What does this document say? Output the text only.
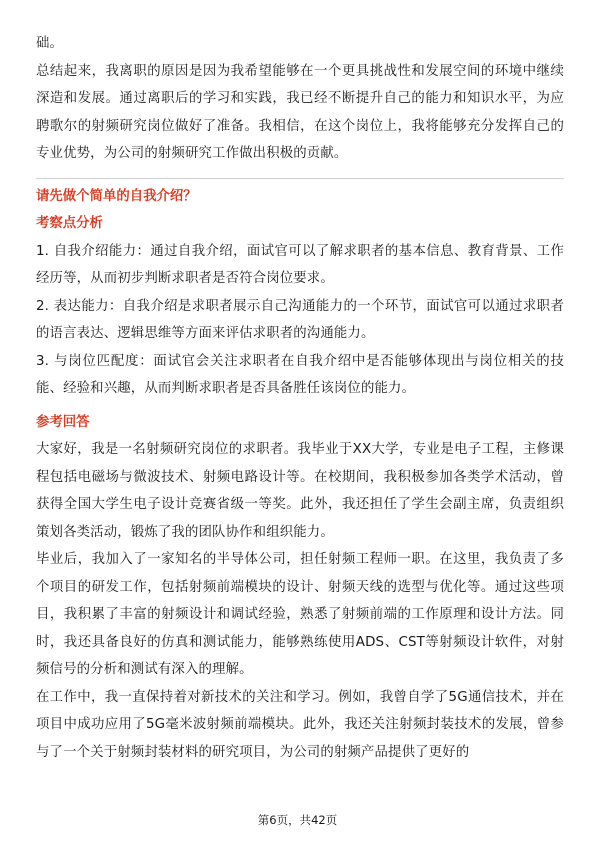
础。

总结起来，我离职的原因是因为我希望能够在一个更具挑战性和发展空间的环境中继续深造和发展。通过离职后的学习和实践，我已经不断提升自己的能力和知识水平，为应聘歌尔的射频研究岗位做好了准备。我相信，在这个岗位上，我将能够充分发挥自己的专业优势，为公司的射频研究工作做出积极的贡献。

请先做个简单的自我介绍？
考察点分析

1. 自我介绍能力：通过自我介绍，面试官可以了解求职者的基本信息、教育背景、工作经历等，从而初步判断求职者是否符合岗位要求。

2. 表达能力：自我介绍是求职者展示自己沟通能力的一个环节，面试官可以通过求职者的语言表达、逻辑思维等方面来评估求职者的沟通能力。

3. 与岗位匹配度：面试官会关注求职者在自我介绍中是否能够体现出与岗位相关的技能、经验和兴趣，从而判断求职者是否具备胜任该岗位的能力。

参考回答

大家好，我是一名射频研究岗位的求职者。我毕业于XX大学，专业是电子工程，主修课程包括电磁场与微波技术、射频电路设计等。在校期间，我积极参加各类学术活动，曾获得全国大学生电子设计竞赛省级一等奖。此外，我还担任了学生会副主席，负责组织策划各类活动，锻炼了我的团队协作和组织能力。

毕业后，我加入了一家知名的半导体公司，担任射频工程师一职。在这里，我负责了多个项目的研发工作，包括射频前端模块的设计、射频天线的选型与优化等。通过这些项目，我积累了丰富的射频设计和调试经验，熟悉了射频前端的工作原理和设计方法。同时，我还具备良好的仿真和测试能力，能够熟练使用ADS、CST等射频设计软件，对射频信号的分析和测试有深入的理解。

在工作中，我一直保持着对新技术的关注和学习。例如，我曾自学了5G通信技术，并在项目中成功应用了5G毫米波射频前端模块。此外，我还关注射频封装技术的发展，曾参与了一个关于射频封装材料的研究项目，为公司的射频产品提供了更好的

第6页，共42页
